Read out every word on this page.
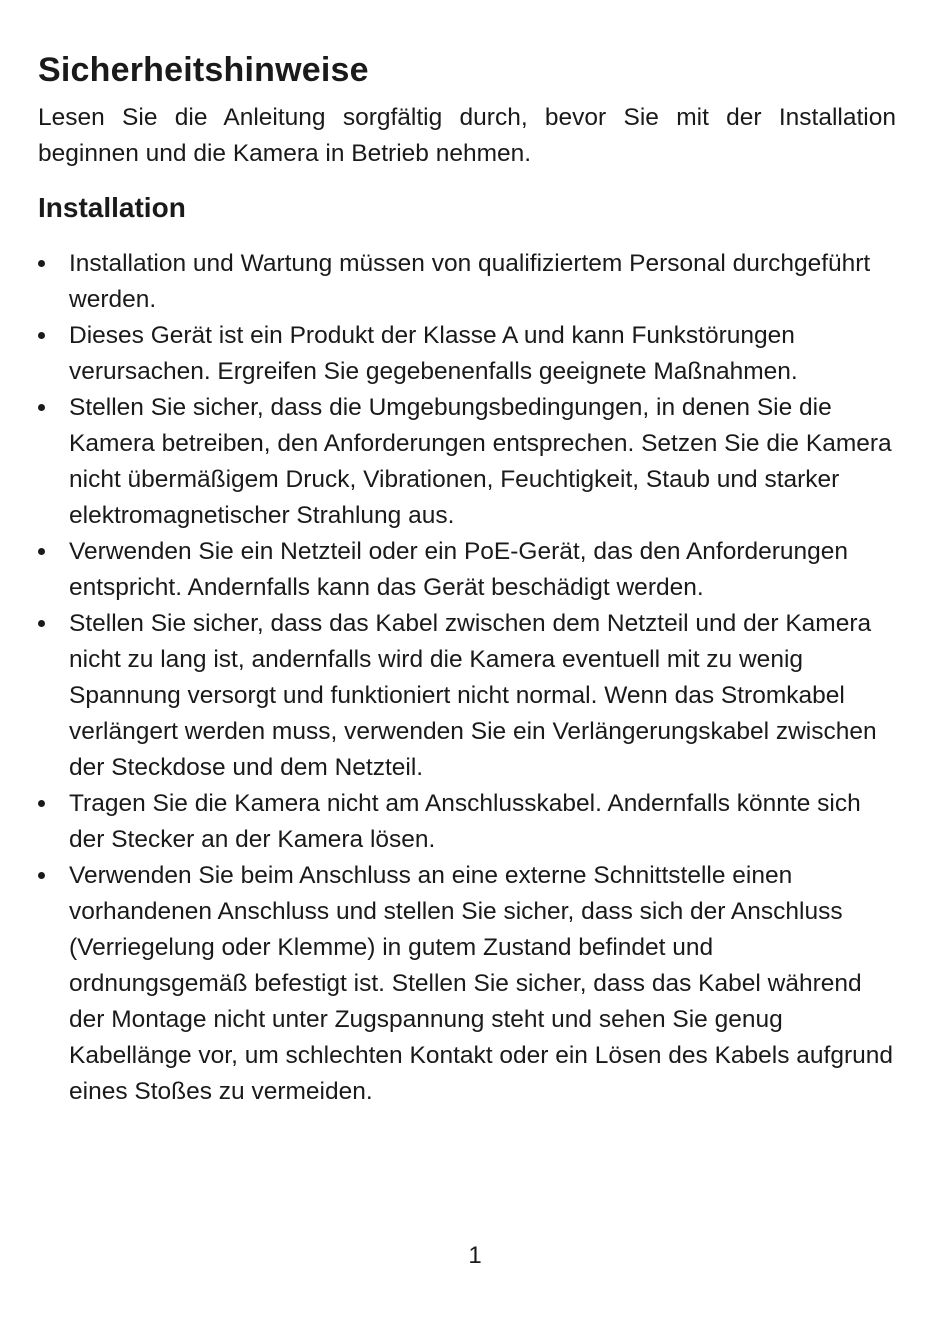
Sicherheitshinweise

Lesen Sie die Anleitung sorgfältig durch, bevor Sie mit der Installation beginnen und die Kamera in Betrieb nehmen.

Installation
Installation und Wartung müssen von qualifiziertem Personal durchgeführt werden.
Dieses Gerät ist ein Produkt der Klasse A und kann Funkstörungen verursachen. Ergreifen Sie gegebenenfalls geeignete Maßnahmen.
Stellen Sie sicher, dass die Umgebungsbedingungen, in denen Sie die Kamera betreiben, den Anforderungen entsprechen. Setzen Sie die Kamera nicht übermäßigem Druck, Vibrationen, Feuchtigkeit, Staub und starker elektromagnetischer Strahlung aus.
Verwenden Sie ein Netzteil oder ein PoE-Gerät, das den Anforderungen entspricht. Andernfalls kann das Gerät beschädigt werden.
Stellen Sie sicher, dass das Kabel zwischen dem Netzteil und der Kamera nicht zu lang ist, andernfalls wird die Kamera eventuell mit zu wenig Spannung versorgt und funktioniert nicht normal. Wenn das Stromkabel verlängert werden muss, verwenden Sie ein Verlängerungskabel zwischen der Steckdose und dem Netzteil.
Tragen Sie die Kamera nicht am Anschlusskabel. Andernfalls könnte sich der Stecker an der Kamera lösen.
Verwenden Sie beim Anschluss an eine externe Schnittstelle einen vorhandenen Anschluss und stellen Sie sicher, dass sich der Anschluss (Verriegelung oder Klemme) in gutem Zustand befindet und ordnungsgemäß befestigt ist. Stellen Sie sicher, dass das Kabel während der Montage nicht unter Zugspannung steht und sehen Sie genug Kabellänge vor, um schlechten Kontakt oder ein Lösen des Kabels aufgrund eines Stoßes zu vermeiden.
1
